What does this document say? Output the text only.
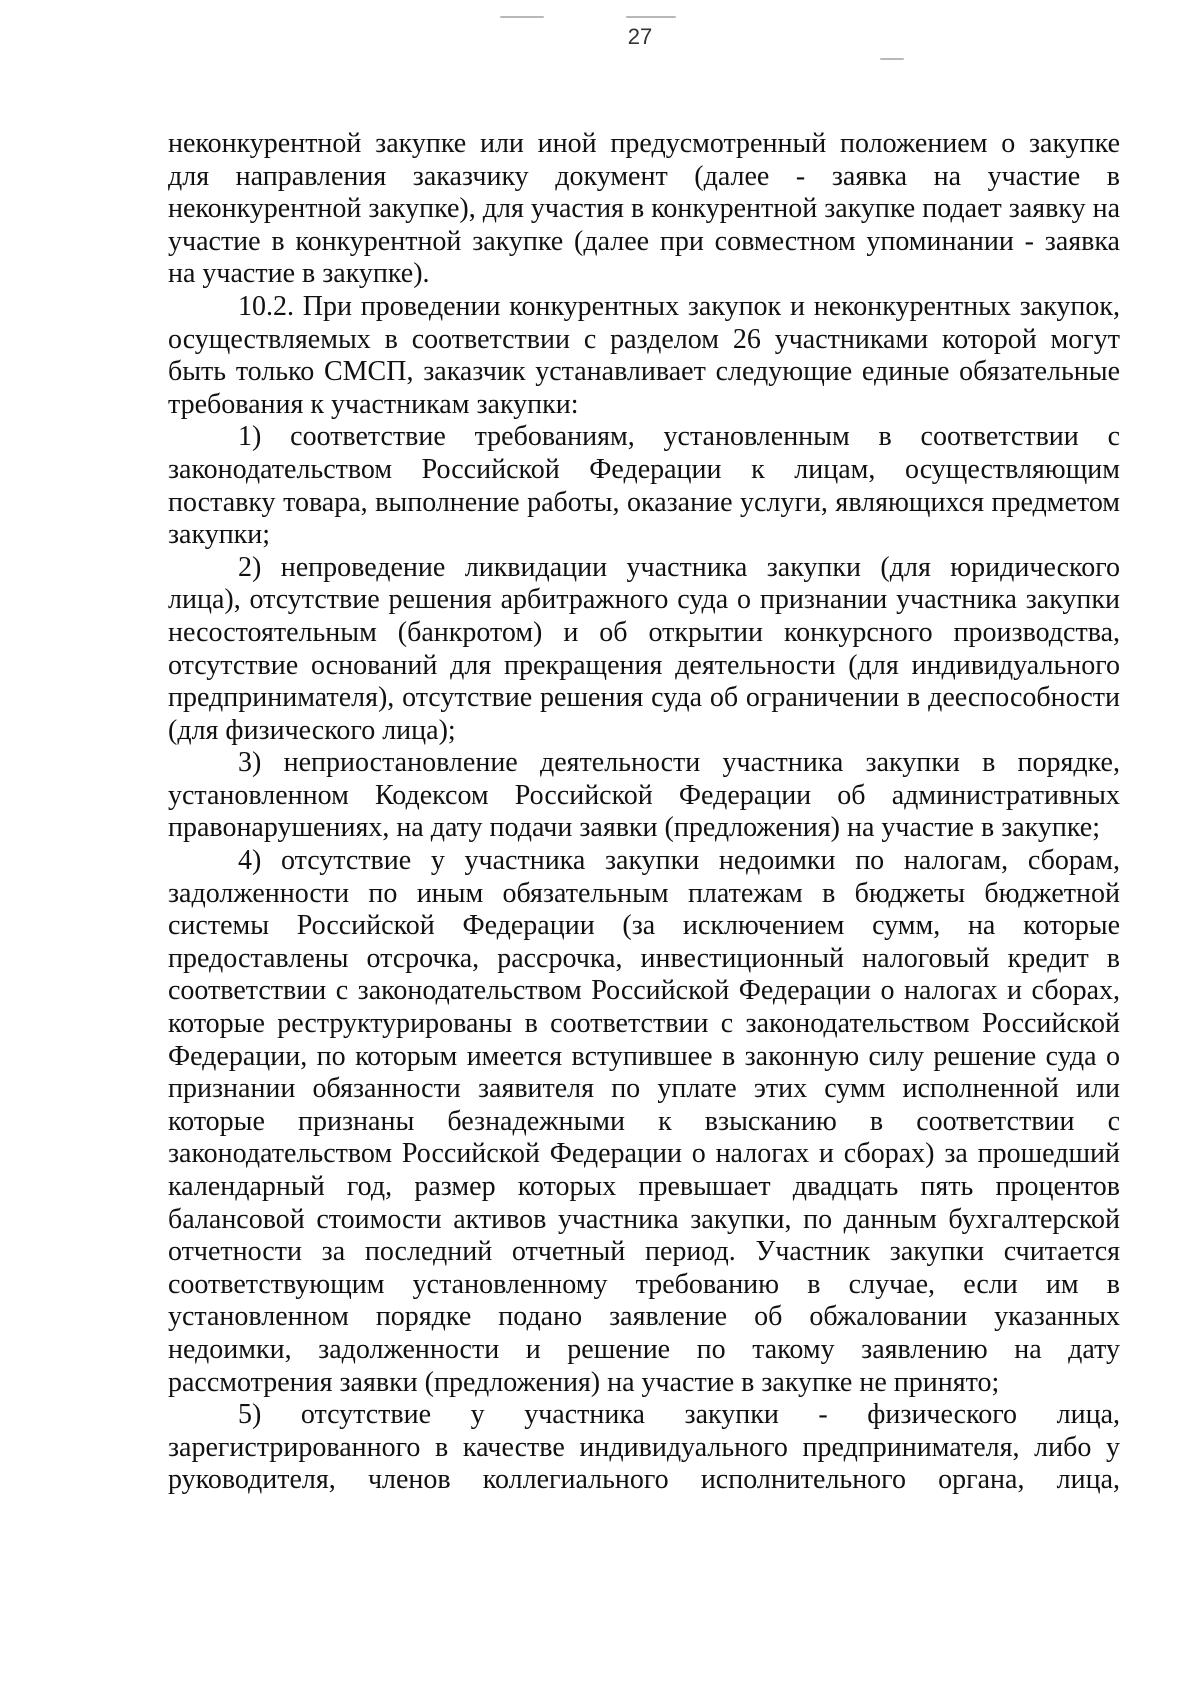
27

неконкурентной закупке или иной предусмотренный положением о закупке для направления заказчику документ (далее - заявка на участие в неконкурентной закупке), для участия в конкурентной закупке подает заявку на участие в конкурентной закупке (далее при совместном упоминании - заявка на участие в закупке).

10.2. При проведении конкурентных закупок и неконкурентных закупок, осуществляемых в соответствии с разделом 26 участниками которой могут быть только СМСП, заказчик устанавливает следующие единые обязательные требования к участникам закупки:

1) соответствие требованиям, установленным в соответствии с законодательством Российской Федерации к лицам, осуществляющим поставку товара, выполнение работы, оказание услуги, являющихся предметом закупки;

2) непроведение ликвидации участника закупки (для юридического лица), отсутствие решения арбитражного суда о признании участника закупки несостоятельным (банкротом) и об открытии конкурсного производства, отсутствие оснований для прекращения деятельности (для индивидуального предпринимателя), отсутствие решения суда об ограничении в дееспособности (для физического лица);

3) неприостановление деятельности участника закупки в порядке, установленном Кодексом Российской Федерации об административных правонарушениях, на дату подачи заявки (предложения) на участие в закупке;

4) отсутствие у участника закупки недоимки по налогам, сборам, задолженности по иным обязательным платежам в бюджеты бюджетной системы Российской Федерации (за исключением сумм, на которые предоставлены отсрочка, рассрочка, инвестиционный налоговый кредит в соответствии с законодательством Российской Федерации о налогах и сборах, которые реструктурированы в соответствии с законодательством Российской Федерации, по которым имеется вступившее в законную силу решение суда о признании обязанности заявителя по уплате этих сумм исполненной или которые признаны безнадежными к взысканию в соответствии с законодательством Российской Федерации о налогах и сборах) за прошедший календарный год, размер которых превышает двадцать пять процентов балансовой стоимости активов участника закупки, по данным бухгалтерской отчетности за последний отчетный период. Участник закупки считается соответствующим установленному требованию в случае, если им в установленном порядке подано заявление об обжаловании указанных недоимки, задолженности и решение по такому заявлению на дату рассмотрения заявки (предложения) на участие в закупке не принято;

5) отсутствие у участника закупки - физического лица, зарегистрированного в качестве индивидуального предпринимателя, либо у руководителя, членов коллегиального исполнительного органа, лица,
